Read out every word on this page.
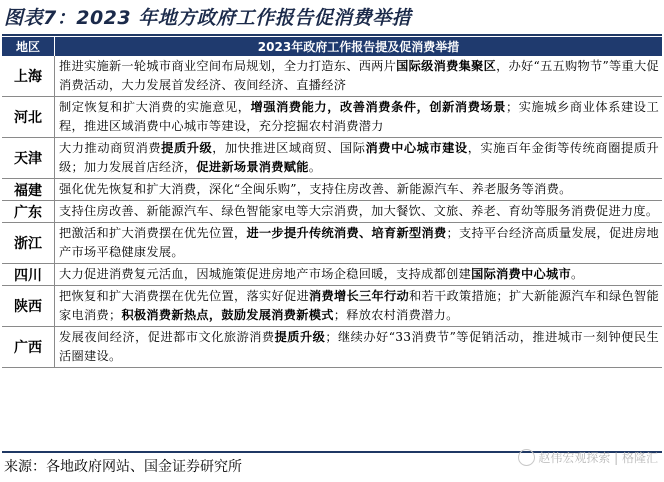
图表7：2023 年地方政府工作报告促消费举措
地区	2023年政府工作报告提及促消费举措
上海	推进实施新一轮城市商业空间布局规划，全力打造东、西两片国际级消费集聚区，办好“五五购物节”等重大促消费活动，大力发展首发经济、夜间经济、直播经济
河北	制定恢复和扩大消费的实施意见，增强消费能力，改善消费条件，创新消费场景；实施城乡商业体系建设工程，推进区域消费中心城市等建设，充分挖掘农村消费潜力
天津	大力推动商贸消费提质升级，加快推进区域商贸、国际消费中心城市建设，实施百年金街等传统商圈提质升级；加力发展首店经济，促进新场景消费赋能。
福建	强化优先恢复和扩大消费，深化“全闽乐购”，支持住房改善、新能源汽车、养老服务等消费。
广东	支持住房改善、新能源汽车、绿色智能家电等大宗消费，加大餐饮、文旅、养老、育幼等服务消费促进力度。
浙江	把激活和扩大消费摆在优先位置，进一步提升传统消费、培育新型消费；支持平台经济高质量发展，促进房地产市场平稳健康发展。
四川	大力促进消费复元活血，因城施策促进房地产市场企稳回暖，支持成都创建国际消费中心城市。
陕西	把恢复和扩大消费摆在优先位置，落实好促进消费增长三年行动和若干政策措施；扩大新能源汽车和绿色智能家电消费；积极消费新热点，鼓励发展消费新模式；释放农村消费潜力。
广西	发展夜间经济，促进都市文化旅游消费提质升级；继续办好“33消费节”等促销活动，推进城市一刻钟便民生活圈建设。
来源：各地政府网站、国金证券研究所
赵伟宏观探索 | 格隆汇
